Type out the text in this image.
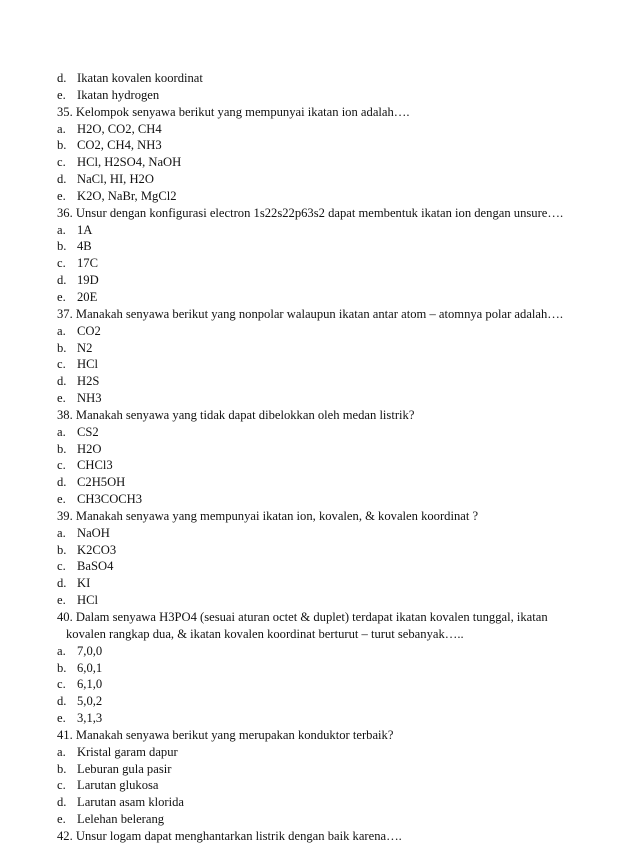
d. Ikatan kovalen koordinat
e. Ikatan hydrogen
35. Kelompok senyawa berikut yang mempunyai ikatan ion adalah….
a. H2O, CO2, CH4
b. CO2, CH4, NH3
c. HCl, H2SO4, NaOH
d. NaCl, HI, H2O
e. K2O, NaBr, MgCl2
36. Unsur dengan konfigurasi electron 1s22s22p63s2 dapat membentuk ikatan ion dengan unsure….
a. 1A
b. 4B
c. 17C
d. 19D
e. 20E
37. Manakah senyawa berikut yang nonpolar walaupun ikatan antar atom – atomnya polar adalah….
a. CO2
b. N2
c. HCl
d. H2S
e. NH3
38. Manakah senyawa yang tidak dapat dibelokkan oleh medan listrik?
a. CS2
b. H2O
c. CHCl3
d. C2H5OH
e. CH3COCH3
39. Manakah senyawa yang mempunyai ikatan ion, kovalen, & kovalen koordinat ?
a. NaOH
b. K2CO3
c. BaSO4
d. KI
e. HCl
40. Dalam senyawa H3PO4 (sesuai aturan octet & duplet) terdapat ikatan kovalen tunggal, ikatan
kovalen rangkap dua, & ikatan kovalen koordinat berturut – turut sebanyak…..
a. 7,0,0
b. 6,0,1
c. 6,1,0
d. 5,0,2
e. 3,1,3
41. Manakah senyawa berikut yang merupakan konduktor terbaik?
a. Kristal garam dapur
b. Leburan gula pasir
c. Larutan glukosa
d. Larutan asam klorida
e. Lelehan belerang
42. Unsur logam dapat menghantarkan listrik dengan baik karena….
